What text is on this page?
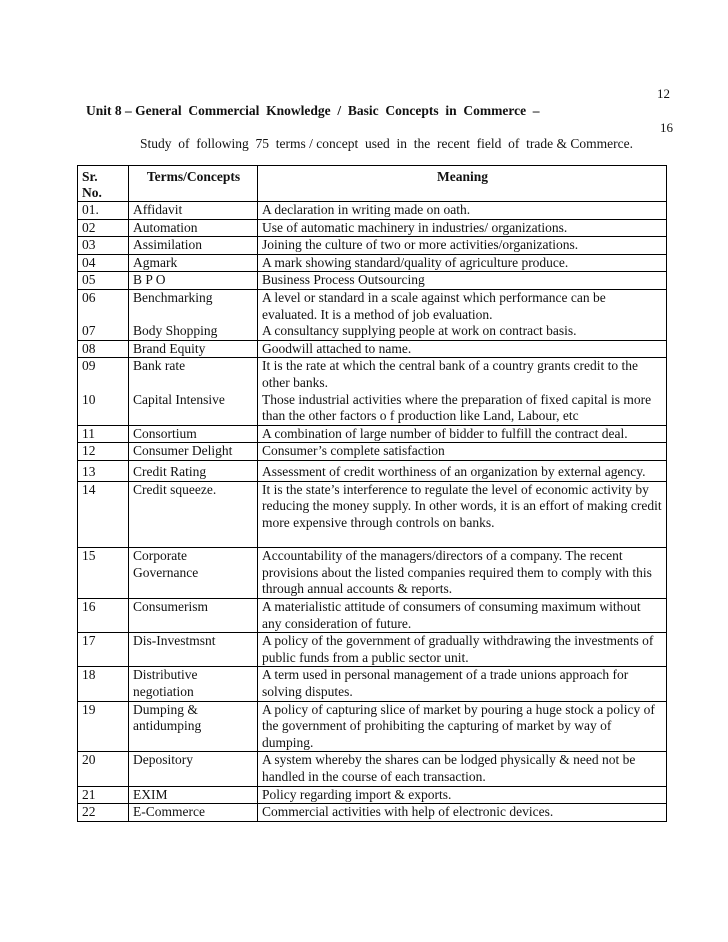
12
Unit 8 – General  Commercial  Knowledge  /  Basic  Concepts  in  Commerce  –
16
Study  of  following  75  terms / concept  used  in  the  recent  field  of  trade & Commerce.
Sr.
No.	Terms/Concepts	Meaning
01.	Affidavit	A declaration in writing made on oath.
02	Automation	Use of automatic machinery in industries/ organizations.
03	Assimilation	Joining the culture of two or more activities/organizations.
04	Agmark	A mark showing standard/quality of agriculture produce.
05	B P O	Business Process Outsourcing
06	Benchmarking	A level or standard in a scale against which performance can be evaluated. It is a method of job evaluation.
07	Body Shopping	A consultancy supplying people at work on contract basis.
08	Brand Equity	Goodwill attached to name.
09	Bank rate	It is the rate at which the central bank of a country grants credit to the other banks.
10	Capital Intensive	Those industrial activities where the preparation of fixed capital is more than the other factors o f production like Land, Labour, etc
11	Consortium	A combination of large number of bidder to fulfill the contract deal.
12	Consumer Delight	Consumer’s complete satisfaction
13	Credit Rating	Assessment of credit worthiness of an organization by external agency.
14	Credit squeeze.	It is the state’s interference to regulate the level of economic activity by reducing the money supply. In other words, it is an effort of making credit more expensive through controls on banks.
15	Corporate Governance	Accountability of the managers/directors of a company. The recent provisions about the listed companies required them to comply with this through annual accounts & reports.
16	Consumerism	A materialistic attitude of consumers of consuming maximum without any consideration of future.
17	Dis-Investmsnt	A policy of the government of gradually withdrawing the investments of public funds from a public sector unit.
18	Distributive negotiation	A term used in personal management of a trade unions approach for solving disputes.
19	Dumping & antidumping	A policy of capturing slice of market by pouring a huge stock a policy of the government of prohibiting the capturing of market by way of dumping.
20	Depository	A system whereby the shares can be lodged physically & need not be handled in the course of each transaction.
21	EXIM	Policy regarding import & exports.
22	E-Commerce	Commercial activities with help of electronic devices.
